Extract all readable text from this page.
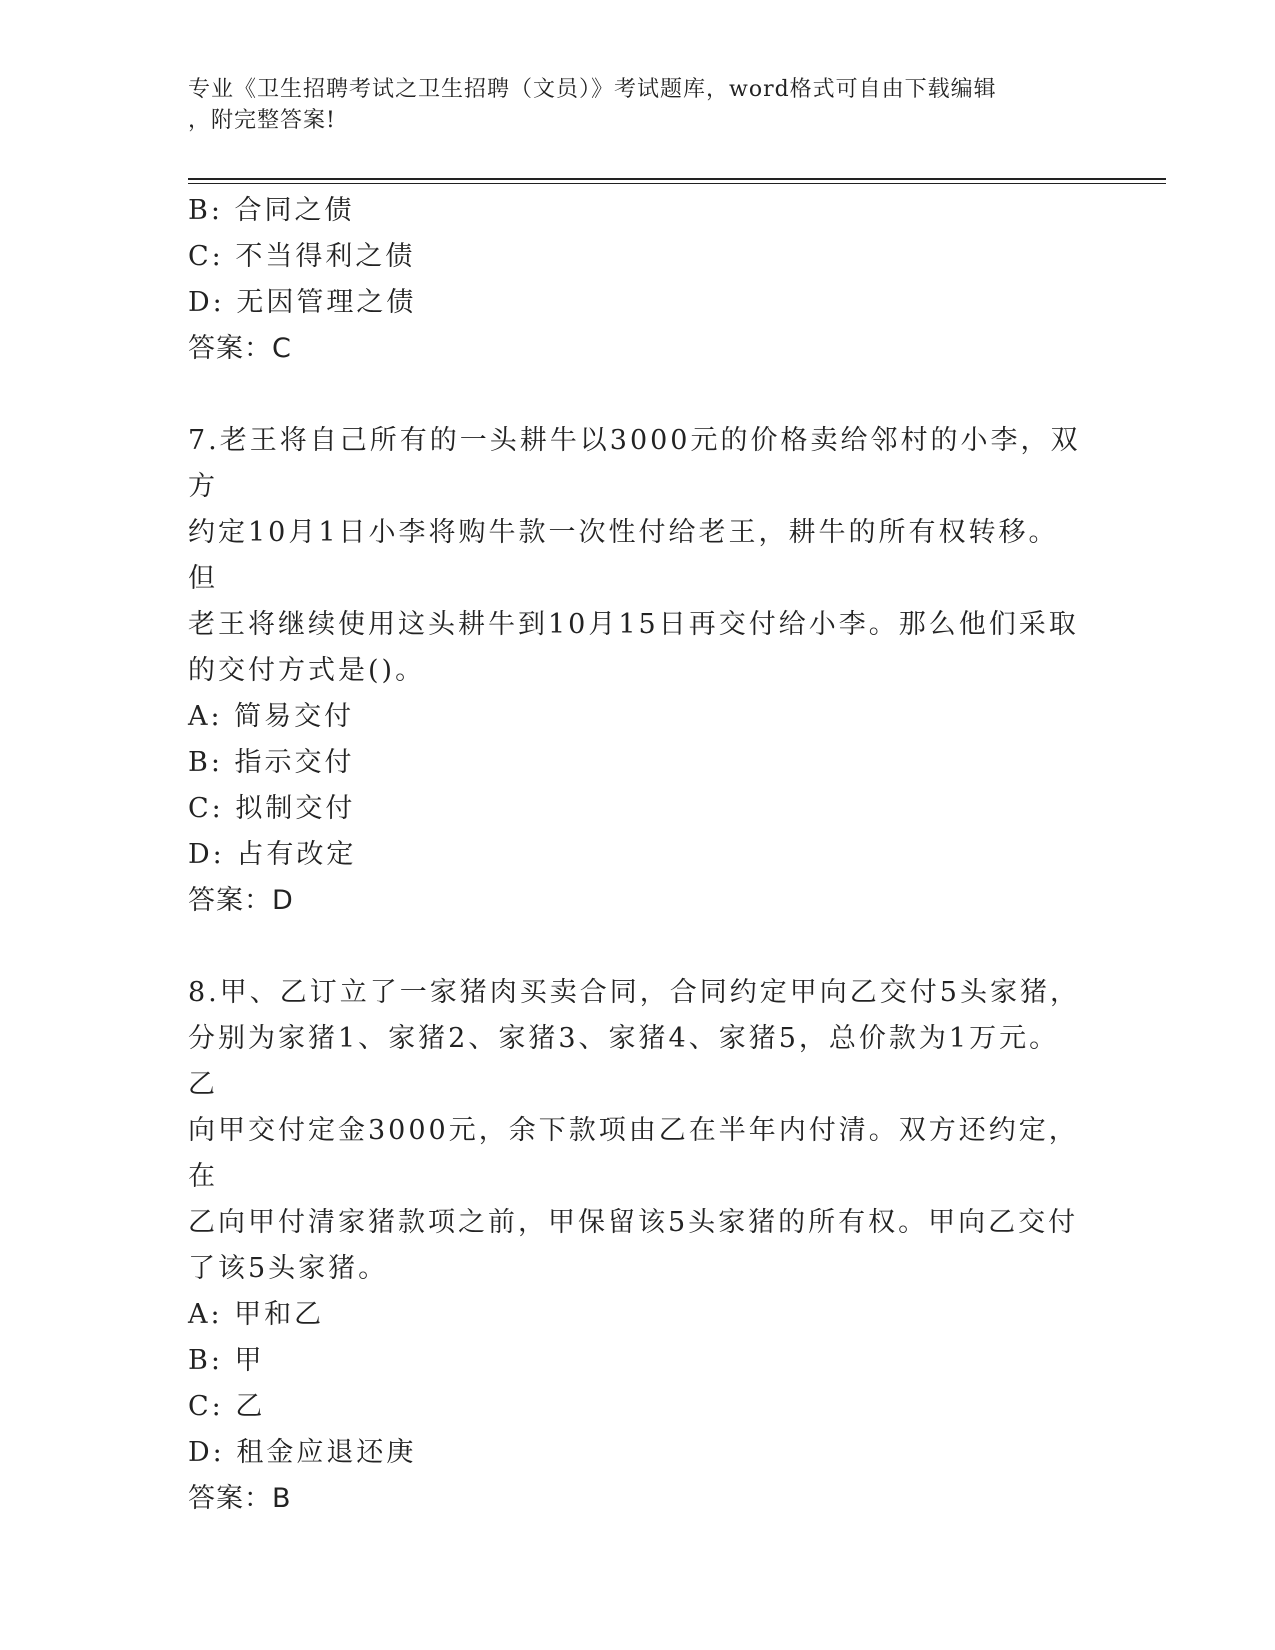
专业《卫生招聘考试之卫生招聘（文员）》考试题库，word格式可自由下载编辑
，附完整答案!
B: 合同之债
C: 不当得利之债
D: 无因管理之债
答案：C
7.老王将自己所有的一头耕牛以3000元的价格卖给邻村的小李，双方
约定10月1日小李将购牛款一次性付给老王，耕牛的所有权转移。但
老王将继续使用这头耕牛到10月15日再交付给小李。那么他们采取
的交付方式是()。
A: 简易交付
B: 指示交付
C: 拟制交付
D: 占有改定
答案：D
8.甲、乙订立了一家猪肉买卖合同，合同约定甲向乙交付5头家猪，
分别为家猪1、家猪2、家猪3、家猪4、家猪5，总价款为1万元。乙
向甲交付定金3000元，余下款项由乙在半年内付清。双方还约定，在
乙向甲付清家猪款项之前，甲保留该5头家猪的所有权。甲向乙交付
了该5头家猪。
A: 甲和乙
B: 甲
C: 乙
D: 租金应退还庚
答案：B
